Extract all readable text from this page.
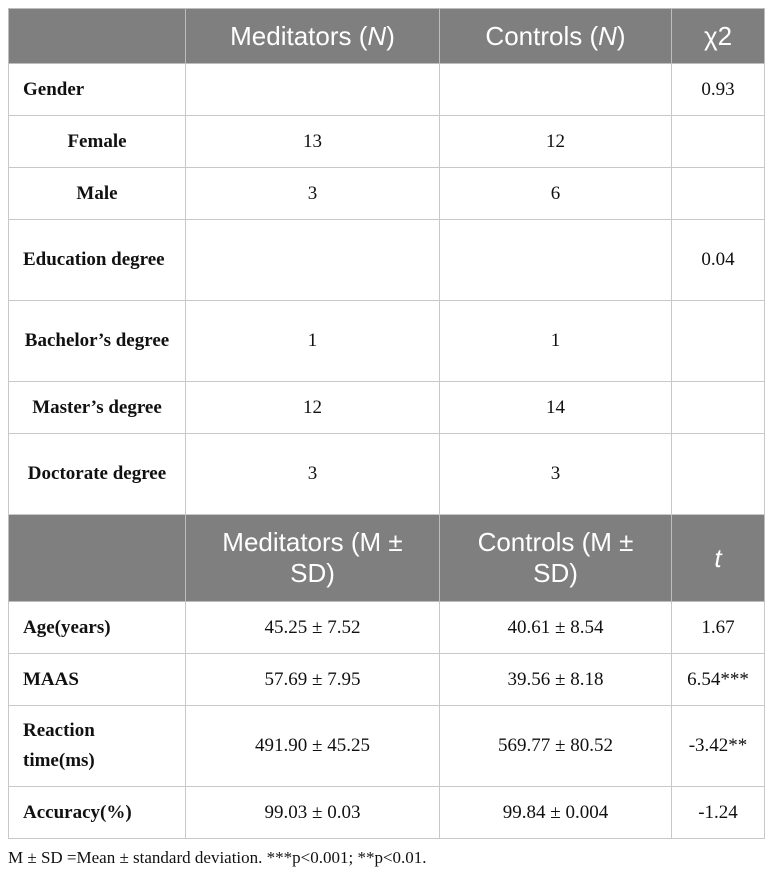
	Meditators (N)	Controls (N)	χ2
Gender			0.93
Female	13	12	
Male	3	6	
Education degree			0.04
Bachelor’s degree	1	1	
Master’s degree	12	14	
Doctorate degree	3	3	
	Meditators (M ± SD)	Controls (M ± SD)	t
Age(years)	45.25 ± 7.52	40.61 ± 8.54	1.67
MAAS	57.69 ± 7.95	39.56 ± 8.18	6.54***
Reaction time(ms)	491.90 ± 45.25	569.77 ± 80.52	-3.42**
Accuracy(%)	99.03 ± 0.03	99.84 ± 0.004	-1.24
M ± SD =Mean ± standard deviation. ***p<0.001; **p<0.01.
